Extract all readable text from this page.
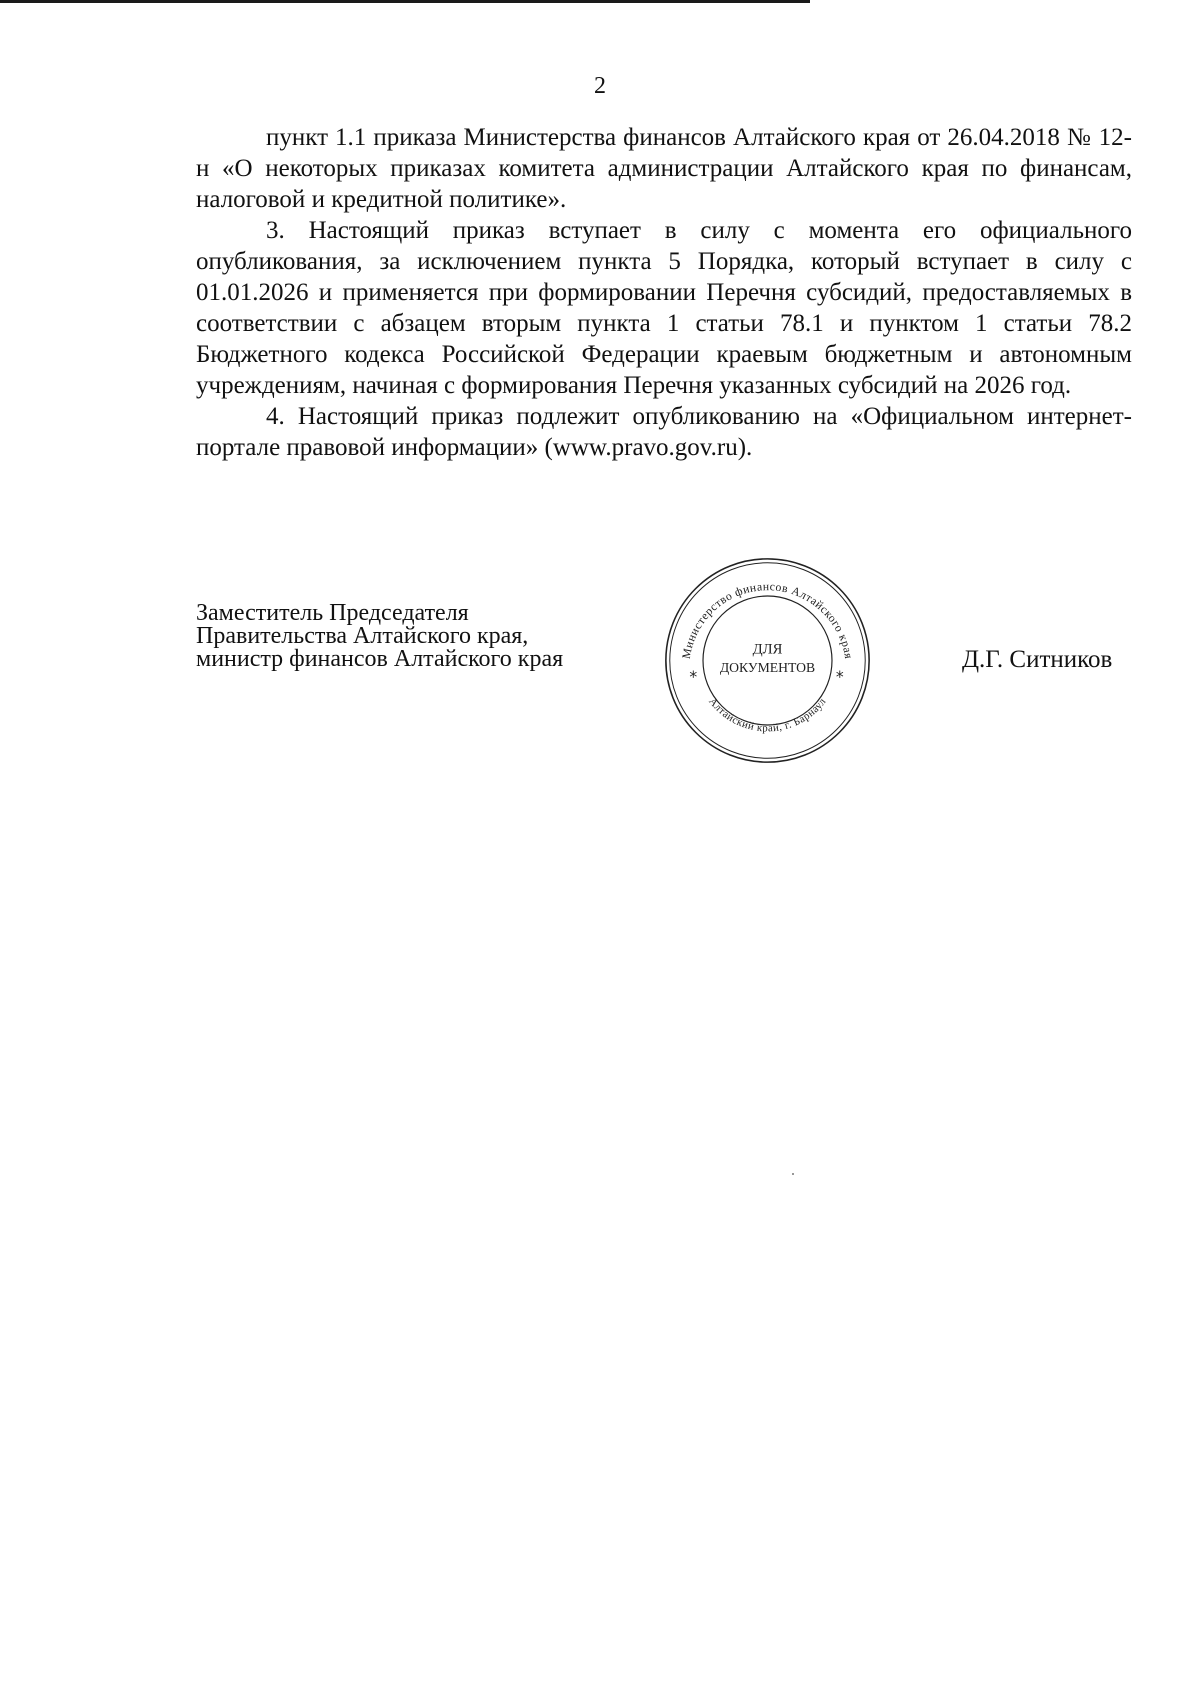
2

пункт 1.1 приказа Министерства финансов Алтайского края от 26.04.2018 № 12-н «О некоторых приказах комитета администрации Алтайского края по финансам, налоговой и кредитной политике».

3. Настоящий приказ вступает в силу с момента его официального опубликования, за исключением пункта 5 Порядка, который вступает в силу с 01.01.2026 и применяется при формировании Перечня субсидий, предоставляемых в соответствии с абзацем вторым пункта 1 статьи 78.1 и пунктом 1 статьи 78.2 Бюджетного кодекса Российской Федерации краевым бюджетным и автономным учреждениям, начиная с формирования Перечня указанных субсидий на 2026 год.

4. Настоящий приказ подлежит опубликованию на «Официальном интернет-портале правовой информации» (www.pravo.gov.ru).

Заместитель Председателя
Правительства Алтайского края,
министр финансов Алтайского края	Министерство финансов Алтайского края
Алтайский край, г. Барнаул
*	*
ДЛЯ
ДОКУМЕНТОВ	Д.Г. Ситников
